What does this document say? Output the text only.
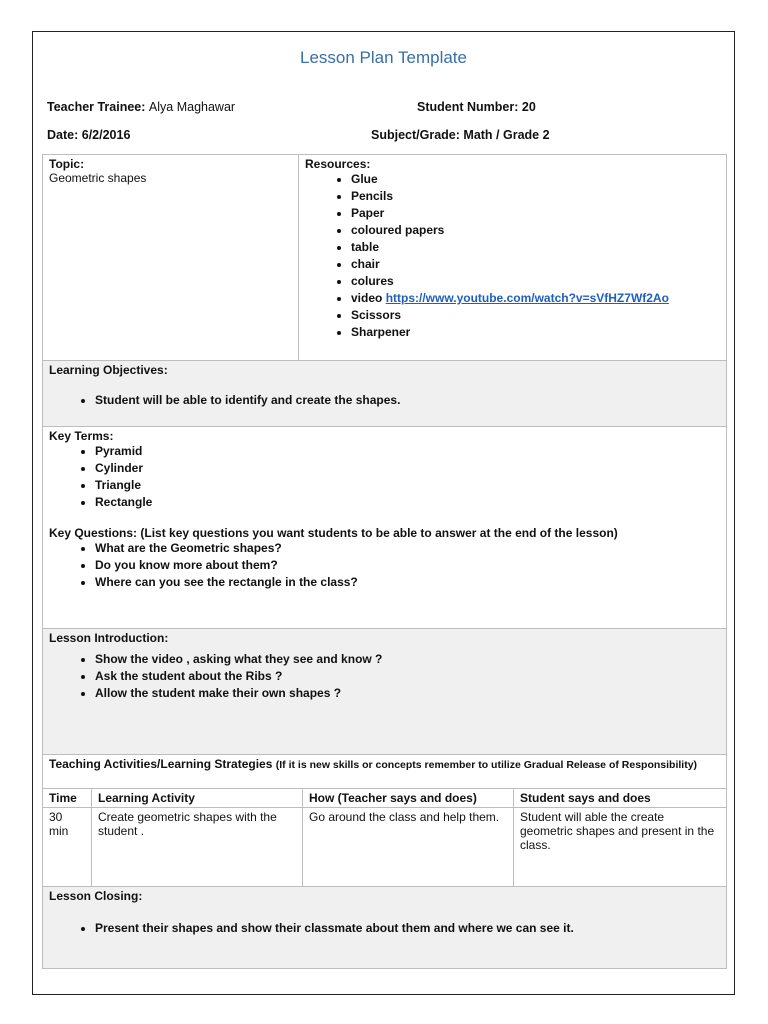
Lesson Plan Template
Teacher Trainee: Alya Maghawar	Student Number: 20
Date: 6/2/2016	Subject/Grade: Math / Grade 2
Topic:
Geometric shapes

Resources:
• Glue
• Pencils
• Paper
• coloured papers
• table
• chair
• colures
• video https://www.youtube.com/watch?v=sVfHZ7Wf2Ao
• Scissors
• Sharpener

Learning Objectives:
• Student will be able to identify and create the shapes.

Key Terms:
• Pyramid
• Cylinder
• Triangle
• Rectangle
Key Questions: (List key questions you want students to be able to answer at the end of the lesson)
• What are the Geometric shapes?
• Do you know more about them?
• Where can you see the rectangle in the class?

Lesson Introduction:
• Show the video , asking what they see and know ?
• Ask the student about the Ribs ?
• Allow the student make their own shapes ?

Teaching Activities/Learning Strategies (If it is new skills or concepts remember to utilize Gradual Release of Responsibility)

Time	Learning Activity	How (Teacher says and does)	Student says and does
30 min	Create geometric shapes with the student .	Go around the class and help them.	Student will able the create geometric shapes and present in the class.

Lesson Closing:
• Present their shapes and show their classmate about them and where we can see it.
